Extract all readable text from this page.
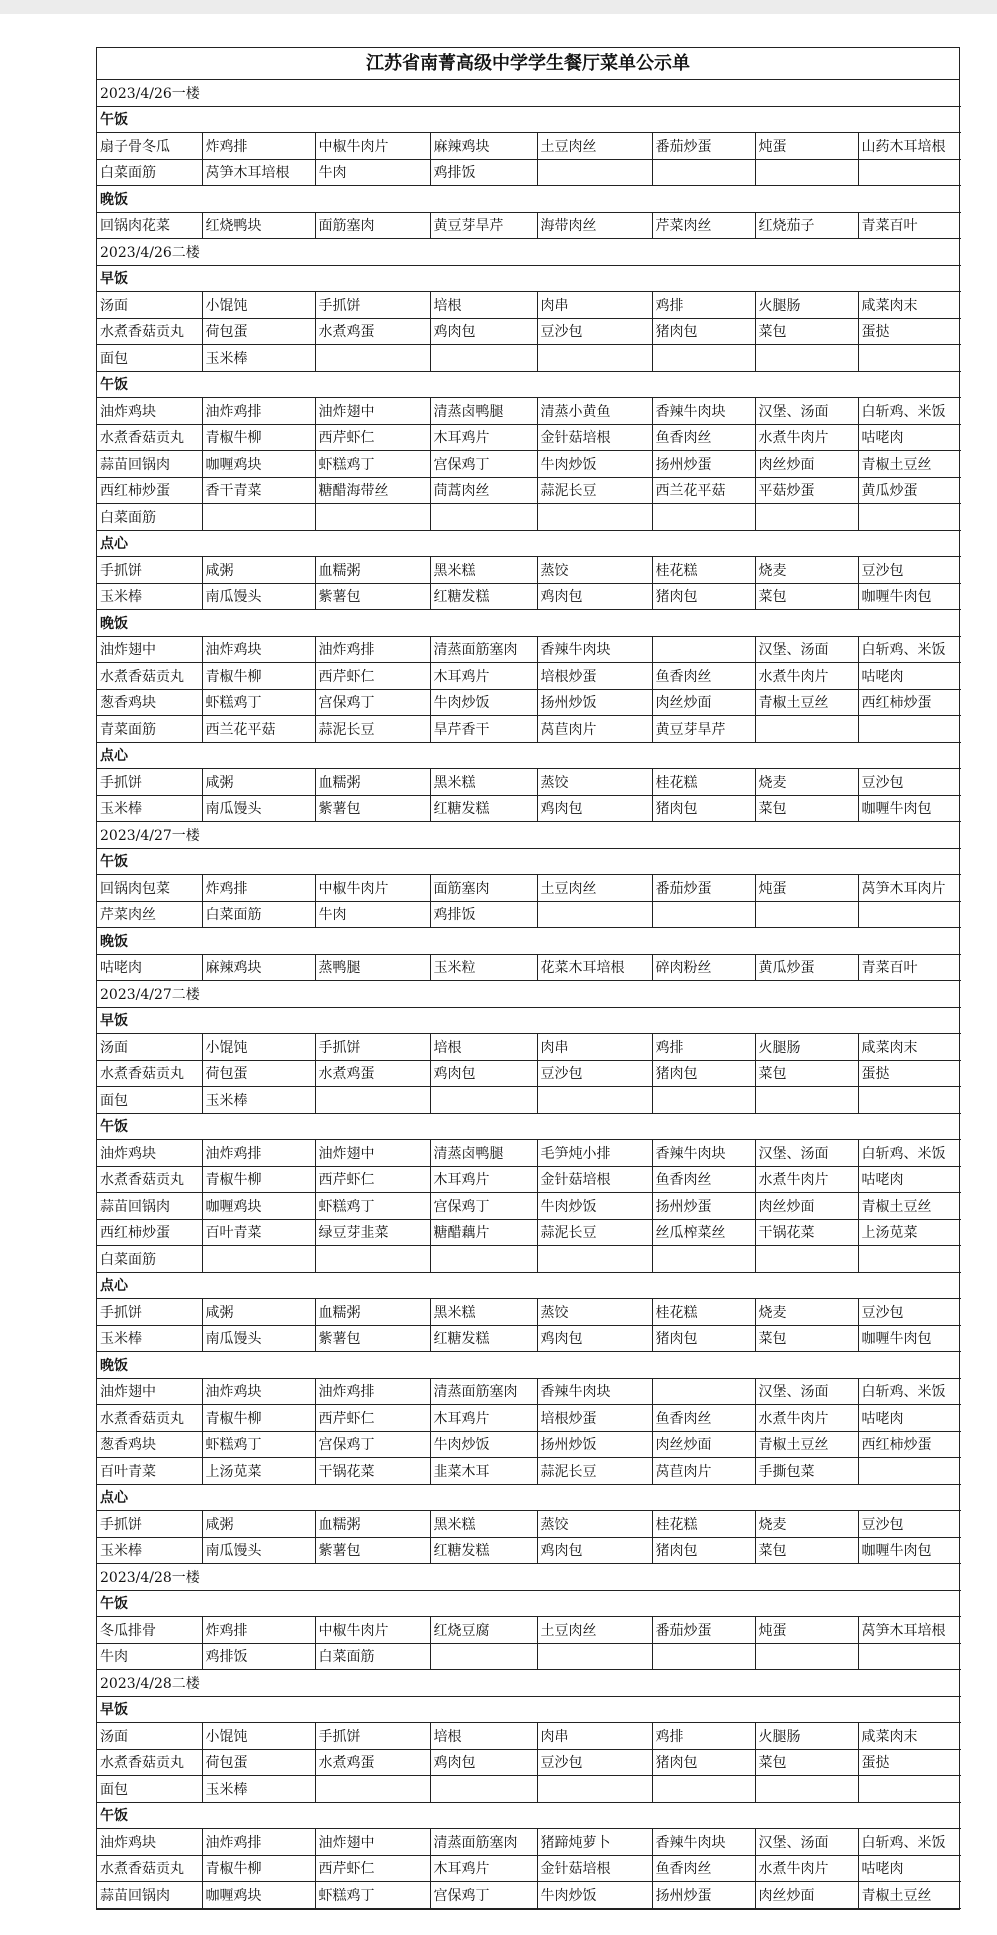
江苏省南菁高级中学学生餐厅菜单公示单
2023/4/26一楼							
午饭							
扇子骨冬瓜	炸鸡排	中椒牛肉片	麻辣鸡块	土豆肉丝	番茄炒蛋	炖蛋	山药木耳培根
白菜面筋	莴笋木耳培根	牛肉	鸡排饭				
晚饭							
回锅肉花菜	红烧鸭块	面筋塞肉	黄豆芽旱芹	海带肉丝	芹菜肉丝	红烧茄子	青菜百叶
2023/4/26二楼							
早饭							
汤面	小馄饨	手抓饼	培根	肉串	鸡排	火腿肠	咸菜肉末
水煮香菇贡丸	荷包蛋	水煮鸡蛋	鸡肉包	豆沙包	猪肉包	菜包	蛋挞
面包	玉米棒						
午饭							
油炸鸡块	油炸鸡排	油炸翅中	清蒸卤鸭腿	清蒸小黄鱼	香辣牛肉块	汉堡、汤面	白斩鸡、米饭
水煮香菇贡丸	青椒牛柳	西芹虾仁	木耳鸡片	金针菇培根	鱼香肉丝	水煮牛肉片	咕咾肉
蒜苗回锅肉	咖喱鸡块	虾糕鸡丁	宫保鸡丁	牛肉炒饭	扬州炒蛋	肉丝炒面	青椒土豆丝
西红柿炒蛋	香干青菜	糖醋海带丝	茼蒿肉丝	蒜泥长豆	西兰花平菇	平菇炒蛋	黄瓜炒蛋
白菜面筋							
点心							
手抓饼	咸粥	血糯粥	黑米糕	蒸饺	桂花糕	烧麦	豆沙包
玉米棒	南瓜馒头	紫薯包	红糖发糕	鸡肉包	猪肉包	菜包	咖喱牛肉包
晚饭							
油炸翅中	油炸鸡块	油炸鸡排	清蒸面筋塞肉	香辣牛肉块		汉堡、汤面	白斩鸡、米饭
水煮香菇贡丸	青椒牛柳	西芹虾仁	木耳鸡片	培根炒蛋	鱼香肉丝	水煮牛肉片	咕咾肉
葱香鸡块	虾糕鸡丁	宫保鸡丁	牛肉炒饭	扬州炒饭	肉丝炒面	青椒土豆丝	西红柿炒蛋
青菜面筋	西兰花平菇	蒜泥长豆	旱芹香干	莴苣肉片	黄豆芽旱芹		
点心							
手抓饼	咸粥	血糯粥	黑米糕	蒸饺	桂花糕	烧麦	豆沙包
玉米棒	南瓜馒头	紫薯包	红糖发糕	鸡肉包	猪肉包	菜包	咖喱牛肉包
2023/4/27一楼							
午饭							
回锅肉包菜	炸鸡排	中椒牛肉片	面筋塞肉	土豆肉丝	番茄炒蛋	炖蛋	莴笋木耳肉片
芹菜肉丝	白菜面筋	牛肉	鸡排饭				
晚饭							
咕咾肉	麻辣鸡块	蒸鸭腿	玉米粒	花菜木耳培根	碎肉粉丝	黄瓜炒蛋	青菜百叶
2023/4/27二楼							
早饭							
汤面	小馄饨	手抓饼	培根	肉串	鸡排	火腿肠	咸菜肉末
水煮香菇贡丸	荷包蛋	水煮鸡蛋	鸡肉包	豆沙包	猪肉包	菜包	蛋挞
面包	玉米棒						
午饭							
油炸鸡块	油炸鸡排	油炸翅中	清蒸卤鸭腿	毛笋炖小排	香辣牛肉块	汉堡、汤面	白斩鸡、米饭
水煮香菇贡丸	青椒牛柳	西芹虾仁	木耳鸡片	金针菇培根	鱼香肉丝	水煮牛肉片	咕咾肉
蒜苗回锅肉	咖喱鸡块	虾糕鸡丁	宫保鸡丁	牛肉炒饭	扬州炒蛋	肉丝炒面	青椒土豆丝
西红柿炒蛋	百叶青菜	绿豆芽韭菜	糖醋藕片	蒜泥长豆	丝瓜榨菜丝	干锅花菜	上汤苋菜
白菜面筋							
点心							
手抓饼	咸粥	血糯粥	黑米糕	蒸饺	桂花糕	烧麦	豆沙包
玉米棒	南瓜馒头	紫薯包	红糖发糕	鸡肉包	猪肉包	菜包	咖喱牛肉包
晚饭							
油炸翅中	油炸鸡块	油炸鸡排	清蒸面筋塞肉	香辣牛肉块		汉堡、汤面	白斩鸡、米饭
水煮香菇贡丸	青椒牛柳	西芹虾仁	木耳鸡片	培根炒蛋	鱼香肉丝	水煮牛肉片	咕咾肉
葱香鸡块	虾糕鸡丁	宫保鸡丁	牛肉炒饭	扬州炒饭	肉丝炒面	青椒土豆丝	西红柿炒蛋
百叶青菜	上汤苋菜	干锅花菜	韭菜木耳	蒜泥长豆	莴苣肉片	手撕包菜	
点心							
手抓饼	咸粥	血糯粥	黑米糕	蒸饺	桂花糕	烧麦	豆沙包
玉米棒	南瓜馒头	紫薯包	红糖发糕	鸡肉包	猪肉包	菜包	咖喱牛肉包
2023/4/28一楼							
午饭							
冬瓜排骨	炸鸡排	中椒牛肉片	红烧豆腐	土豆肉丝	番茄炒蛋	炖蛋	莴笋木耳培根
牛肉	鸡排饭	白菜面筋					
2023/4/28二楼							
早饭							
汤面	小馄饨	手抓饼	培根	肉串	鸡排	火腿肠	咸菜肉末
水煮香菇贡丸	荷包蛋	水煮鸡蛋	鸡肉包	豆沙包	猪肉包	菜包	蛋挞
面包	玉米棒						
午饭							
油炸鸡块	油炸鸡排	油炸翅中	清蒸面筋塞肉	猪蹄炖萝卜	香辣牛肉块	汉堡、汤面	白斩鸡、米饭
水煮香菇贡丸	青椒牛柳	西芹虾仁	木耳鸡片	金针菇培根	鱼香肉丝	水煮牛肉片	咕咾肉
蒜苗回锅肉	咖喱鸡块	虾糕鸡丁	宫保鸡丁	牛肉炒饭	扬州炒蛋	肉丝炒面	青椒土豆丝
